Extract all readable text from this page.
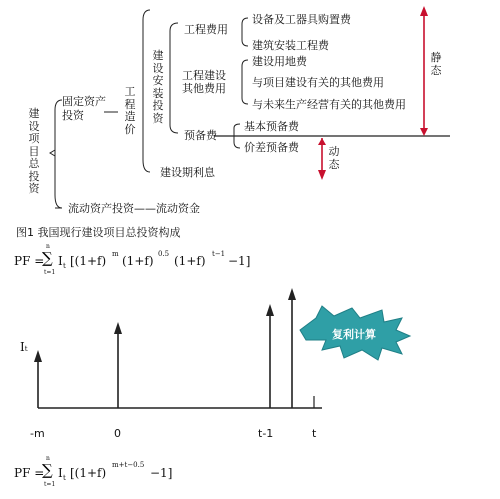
建设项目总投资
固定资产投资
工程造价
建设安装投资
工程费用
设备及工器具购置费
建筑安装工程费
工程建设
其他费用
建设用地费
与项目建设有关的其他费用
与未来生产经营有关的其他费用
预备费
基本预备费
价差预备费
建设期利息
流动资产投资——流动资金
静态
动态
图1 我国现行建设项目总投资构成
PF =
n
∑
t=1
I t [(1+f) m (1+f) 0.5 (1+f) t−1 −1]
It
-m	0	t-1	t
复利计算
PF =
n
∑
t=1
I t [(1+f)
m+t−0.5
−1]
